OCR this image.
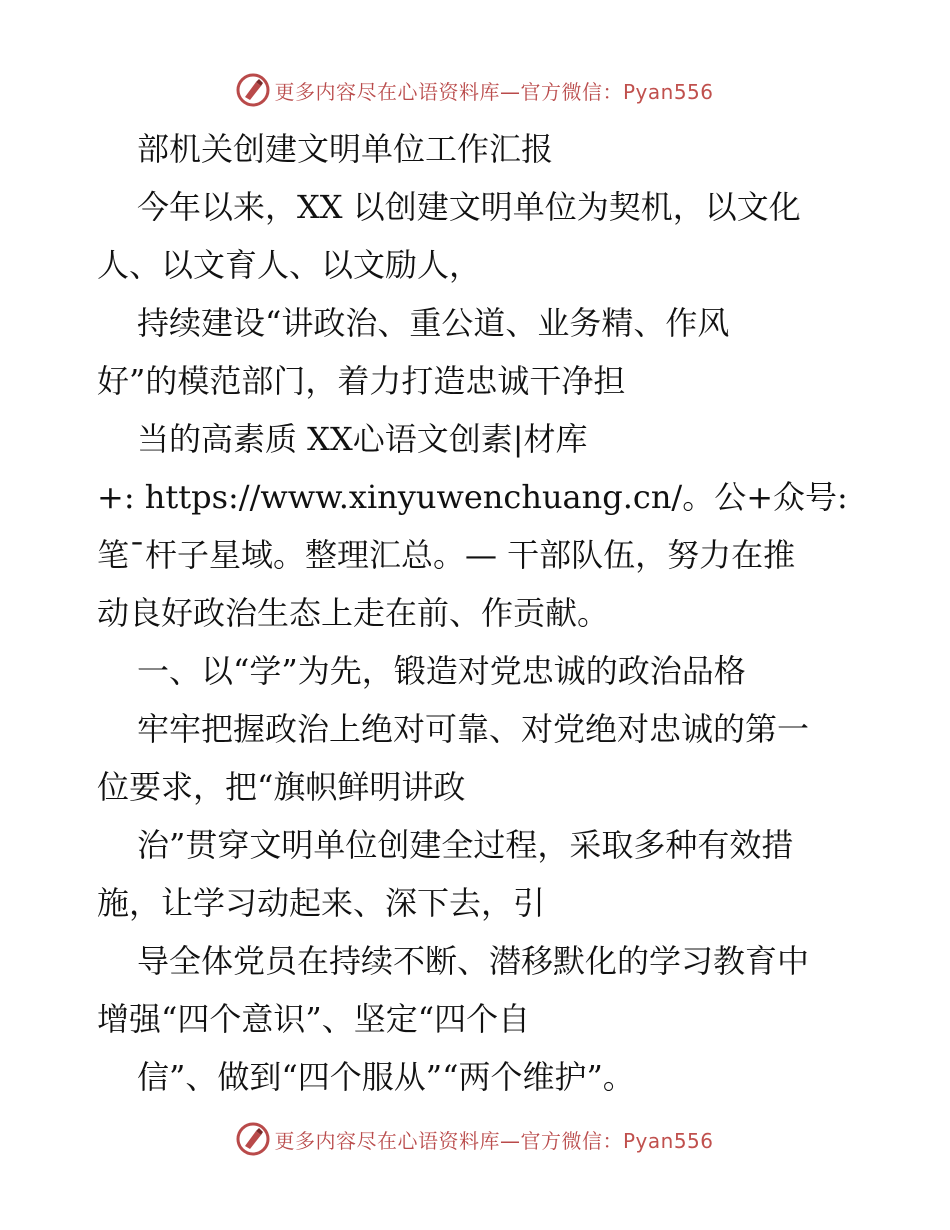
更多内容尽在心语资料库—官方微信：Pyan556
部机关创建文明单位工作汇报
今年以来，XX 以创建文明单位为契机，以文化
人、以文育人、以文励人，
持续建设“讲政治、重公道、业务精、作风
好”的模范部门，着力打造忠诚干净担
当的高素质 XX心语文创素|材库
+: https://www.xinyuwenchuang.cn/。公+众号:
笔¯杆子星域。整理汇总。— 干部队伍，努力在推
动良好政治生态上走在前、作贡献。
一、以“学”为先，锻造对党忠诚的政治品格
牢牢把握政治上绝对可靠、对党绝对忠诚的第一
位要求，把“旗帜鲜明讲政
治”贯穿文明单位创建全过程，采取多种有效措
施，让学习动起来、深下去，引
导全体党员在持续不断、潜移默化的学习教育中
增强“四个意识”、坚定“四个自
信”、做到“四个服从”“两个维护”。
更多内容尽在心语资料库—官方微信：Pyan556
